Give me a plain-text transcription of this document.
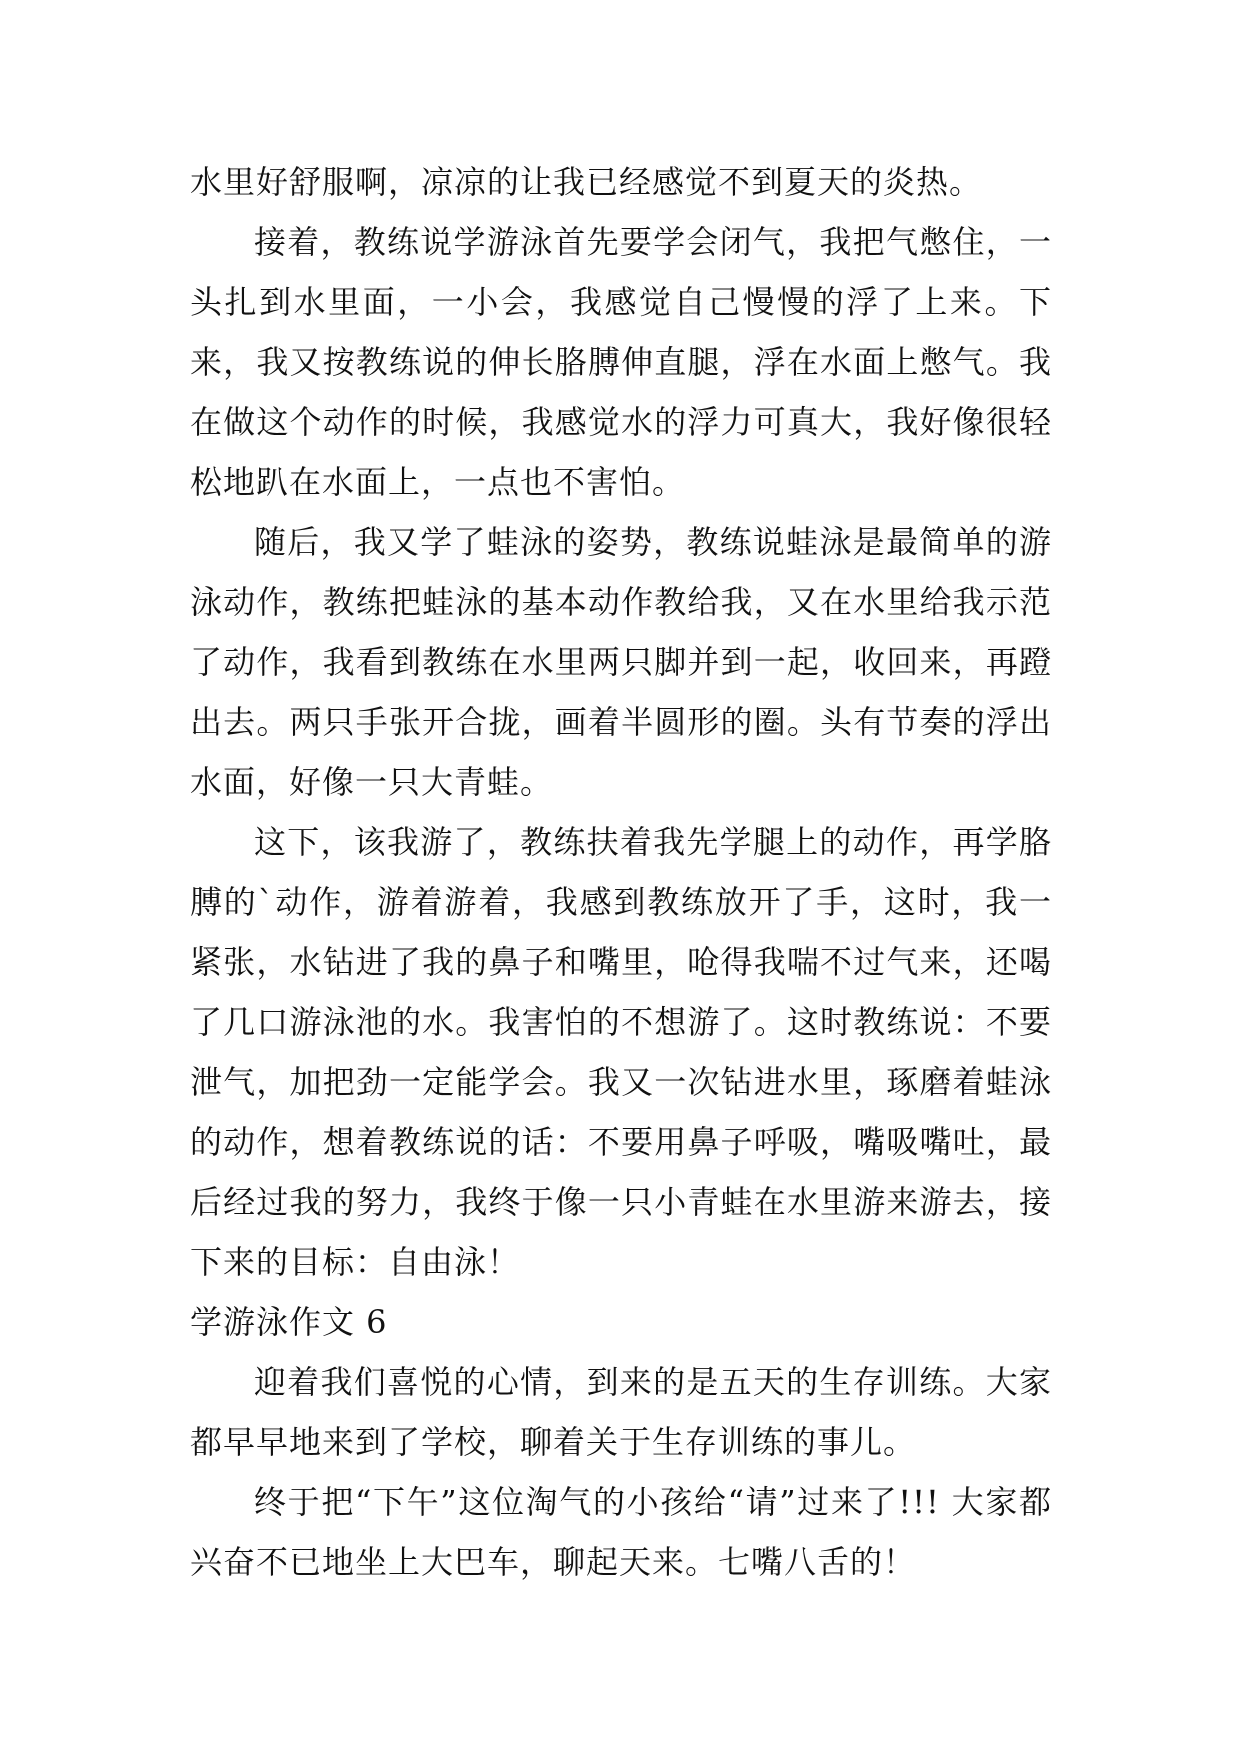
水里好舒服啊，凉凉的让我已经感觉不到夏天的炎热。

接着，教练说学游泳首先要学会闭气，我把气憋住，一头扎到水里面，一小会，我感觉自己慢慢的浮了上来。下来，我又按教练说的伸长胳膊伸直腿，浮在水面上憋气。我在做这个动作的时候，我感觉水的浮力可真大，我好像很轻松地趴在水面上，一点也不害怕。

随后，我又学了蛙泳的姿势，教练说蛙泳是最简单的游泳动作，教练把蛙泳的基本动作教给我，又在水里给我示范了动作，我看到教练在水里两只脚并到一起，收回来，再蹬出去。两只手张开合拢，画着半圆形的圈。头有节奏的浮出水面，好像一只大青蛙。

这下，该我游了，教练扶着我先学腿上的动作，再学胳膊的`动作，游着游着，我感到教练放开了手，这时，我一紧张，水钻进了我的鼻子和嘴里，呛得我喘不过气来，还喝了几口游泳池的水。我害怕的不想游了。这时教练说：不要泄气，加把劲一定能学会。我又一次钻进水里，琢磨着蛙泳的动作，想着教练说的话：不要用鼻子呼吸，嘴吸嘴吐，最后经过我的努力，我终于像一只小青蛙在水里游来游去，接下来的目标：自由泳！

学游泳作文 6

迎着我们喜悦的心情，到来的是五天的生存训练。大家都早早地来到了学校，聊着关于生存训练的事儿。

终于把“下午”这位淘气的小孩给“请”过来了!!! 大家都兴奋不已地坐上大巴车，聊起天来。七嘴八舌的！
